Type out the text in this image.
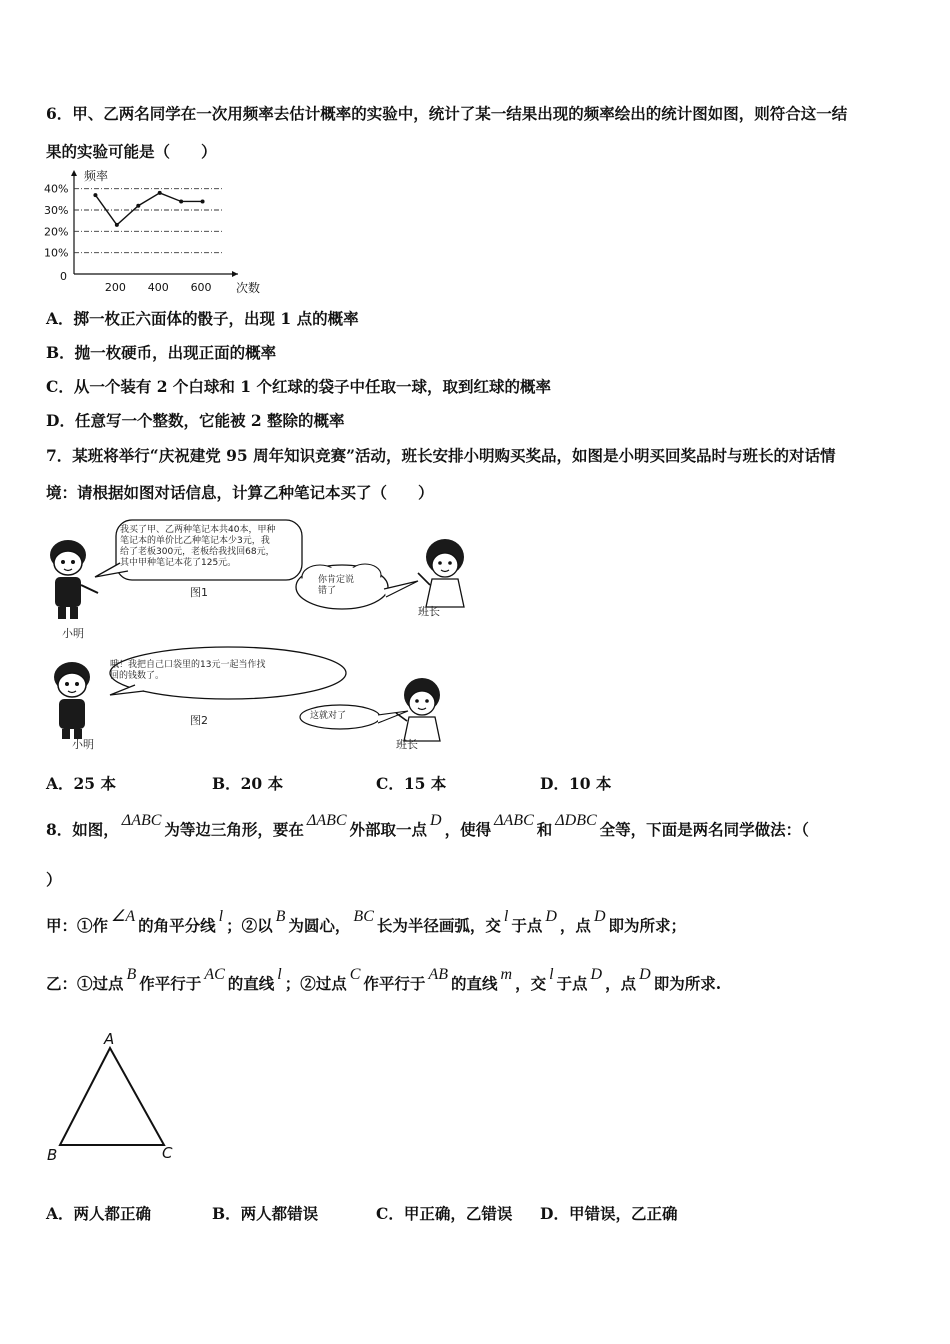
6．甲、乙两名同学在一次用频率去估计概率的实验中，统计了某一结果出现的频率绘出的统计图如图，则符合这一结
果的实验可能是（　　）
10%
20%
30%
40%
200 400 600
0
频率
次数
A．掷一枚正六面体的骰子，出现 1 点的概率
B．抛一枚硬币，出现正面的概率
C．从一个装有 2 个白球和 1 个红球的袋子中任取一球，取到红球的概率
D．任意写一个整数，它能被 2 整除的概率
7．某班将举行“庆祝建党 95 周年知识竞赛”活动，班长安排小明购买奖品，如图是小明买回奖品时与班长的对话情
境：请根据如图对话信息，计算乙种笔记本买了（　　）
我买了甲、乙两种笔记本共40本，甲种
笔记本的单价比乙种笔记本少3元，我
给了老板300元，老板给我找回68元，
其中甲种笔记本花了125元。
你肯定说
错了
图1
小明
班长
哦！我把自己口袋里的13元一起当作找
回的钱数了。
这就对了
图2
小明	班长
A．25 本	B．20 本	C．15 本	D．10 本
8．如图， ΔABC 为等边三角形，要在 ΔABC 外部取一点 D ，使得 ΔABC 和 ΔDBC 全等，下面是两名同学做法：（
）
甲：①作 ∠A 的角平分线 l ；②以 B 为圆心， BC 长为半径画弧，交 l 于点 D ，点 D 即为所求；
乙：①过点 B 作平行于 AC 的直线 l ；②过点 C 作平行于 AB 的直线 m ，交 l 于点 D ，点 D 即为所求.
A
B	C
A．两人都正确	B．两人都错误	C．甲正确，乙错误 D．甲错误，乙正确
